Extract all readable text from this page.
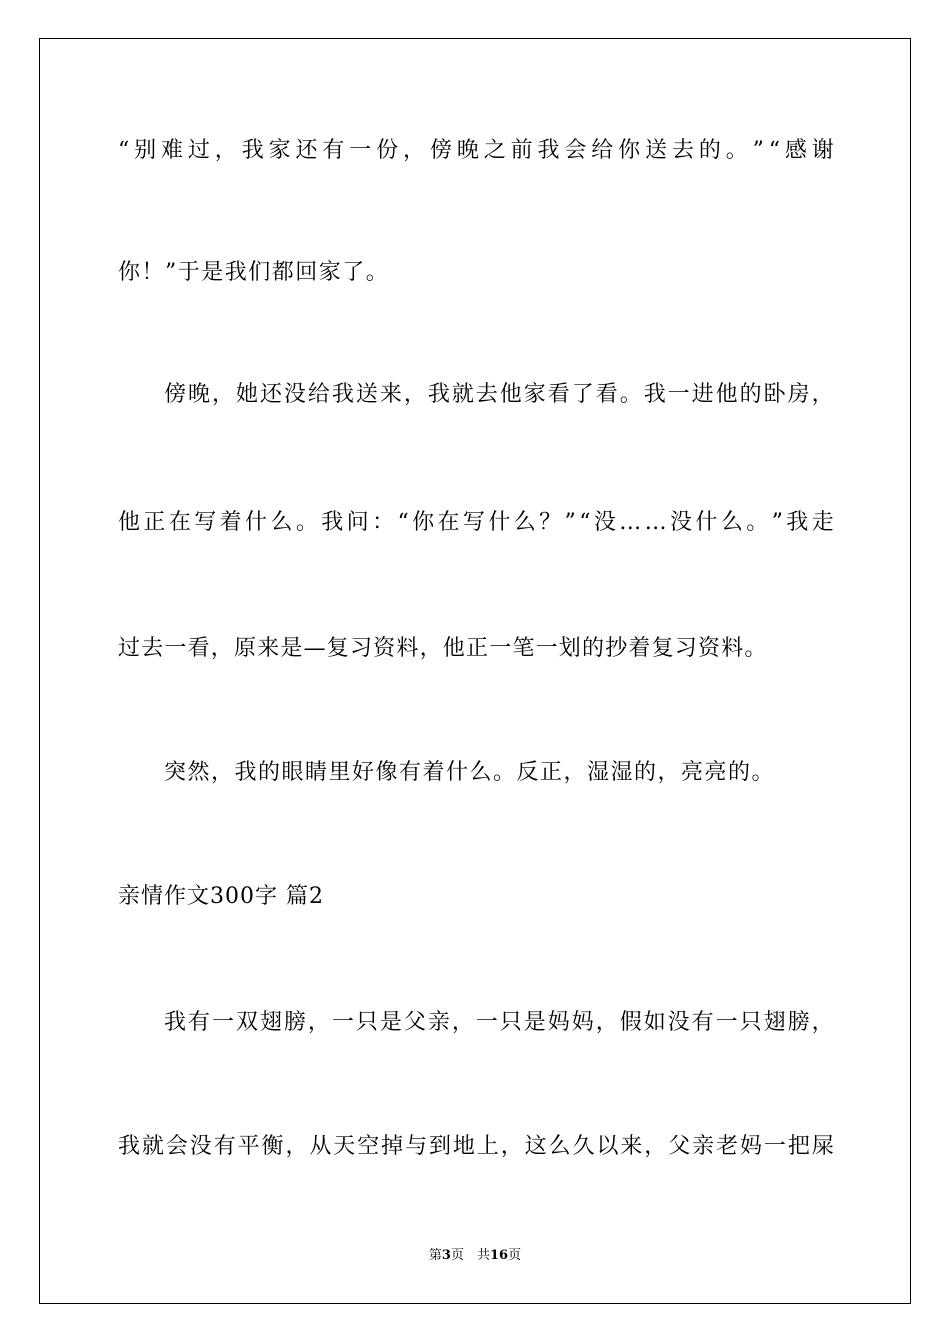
“ 别 难 过 ， 我 家 还 有 一 份 ， 傍 晚 之 前 我 会 给 你 送 去 的 。 ” “ 感 谢
你！”于是我们都回家了。
傍 晚 ， 她 还 没 给 我 送 来 ， 我 就 去 他 家 看 了 看 。 我 一 进 他 的 卧 房 ，
他 正 在 写 着 什 么 。 我 问 ： “ 你 在 写 什 么 ？ ” “ 没 … … 没 什 么 。 ” 我 走
过去一看，原来是—复习资料，他正一笔一划的抄着复习资料。
突然，我的眼睛里好像有着什么。反正，湿湿的，亮亮的。
亲情作文300字 篇2
我 有 一 双 翅 膀 ， 一 只 是 父 亲 ， 一 只 是 妈 妈 ， 假 如 没 有 一 只 翅 膀 ，
我 就 会 没 有 平 衡 ， 从 天 空 掉 与 到 地 上 ， 这 么 久 以 来 ， 父 亲 老 妈 一 把 屎
第3页　共16页
